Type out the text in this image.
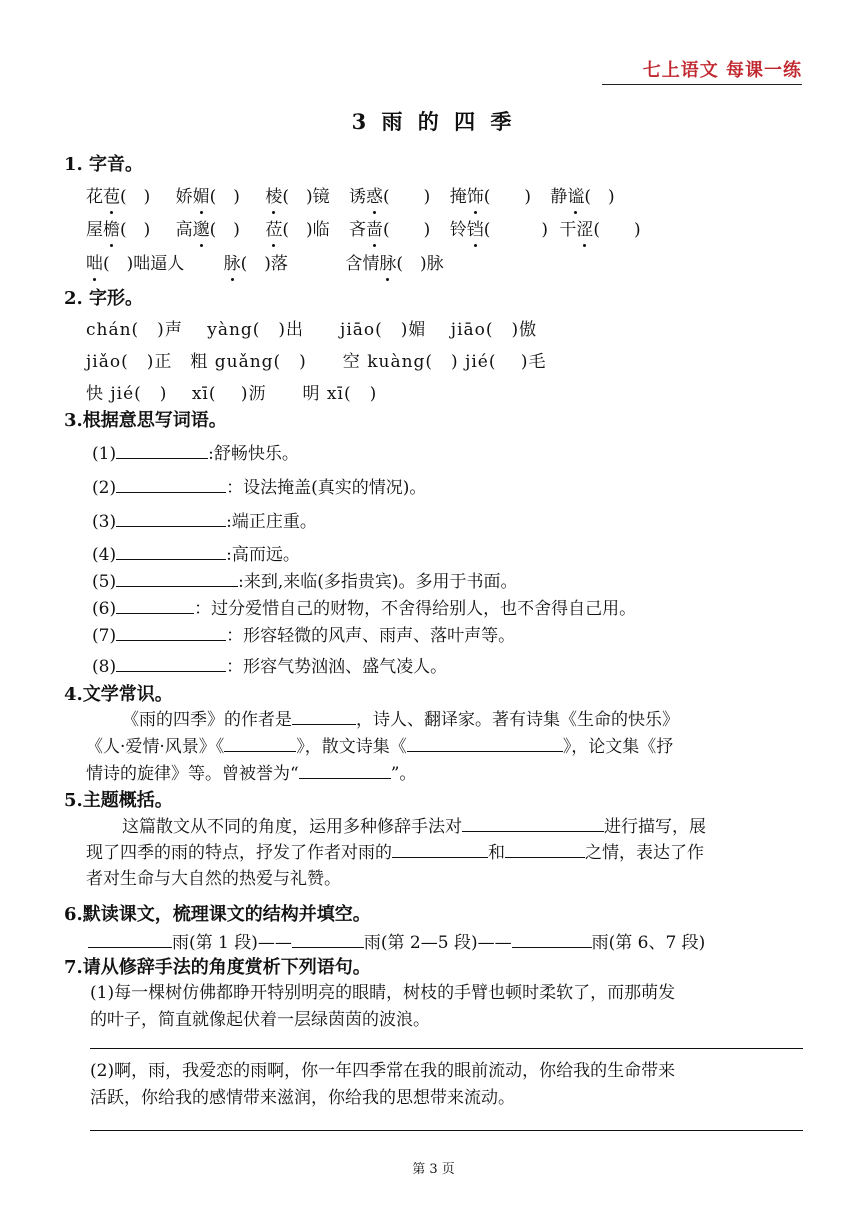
七上语文 每课一练
3 雨 的 四 季
1. 字音。
花苞(　) 娇媚(　) 棱(　)镜 诱惑(　　) 掩饰(　　) 静谧(　)
屋檐(　) 高邈(　) 莅(　)临 吝啬(　　) 铃铛(　　　) 干涩(　　)
咄(　)咄逼人 脉(　)落	含情脉(　)脉
2. 字形。
chán(　)声　 yàng(　)出　　jiāo(　)媚　 jiāo(　)傲
jiǎo(　)正　粗 guǎng(　)　　空 kuàng(　) jié(　 )毛
快 jié(　)　 xī(　 )沥　　明 xī(　)
3.根据意思写词语。
(1)	:舒畅快乐。
(2)	：设法掩盖(真实的情况)。
(3)	:端正庄重。
(4)	:高而远。
(5)	:来到,来临(多指贵宾)。多用于书面。
(6)	：过分爱惜自己的财物，不舍得给别人，也不舍得自己用。
(7)	：形容轻微的风声、雨声、落叶声等。
(8)	：形容气势汹汹、盛气凌人。
4.文学常识。
《雨的四季》的作者是	，诗人、翻译家。著有诗集《生命的快乐》
《人·爱情·风景》《	》，散文诗集《	》，论文集《抒
情诗的旋律》等。曾被誉为“	”。
5.主题概括。
这篇散文从不同的角度，运用多种修辞手法对	进行描写，展
现了四季的雨的特点，抒发了作者对雨的	和	之情，表达了作
者对生命与大自然的热爱与礼赞。
6.默读课文，梳理课文的结构并填空。
雨(第 1 段)——	雨(第 2—5 段)——	雨(第 6、7 段)
7.请从修辞手法的角度赏析下列语句。
(1)每一棵树仿佛都睁开特别明亮的眼睛，树枝的手臂也顿时柔软了，而那萌发
的叶子，简直就像起伏着一层绿茵茵的波浪。
(2)啊，雨，我爱恋的雨啊，你一年四季常在我的眼前流动，你给我的生命带来
活跃，你给我的感情带来滋润，你给我的思想带来流动。
第 3 页
